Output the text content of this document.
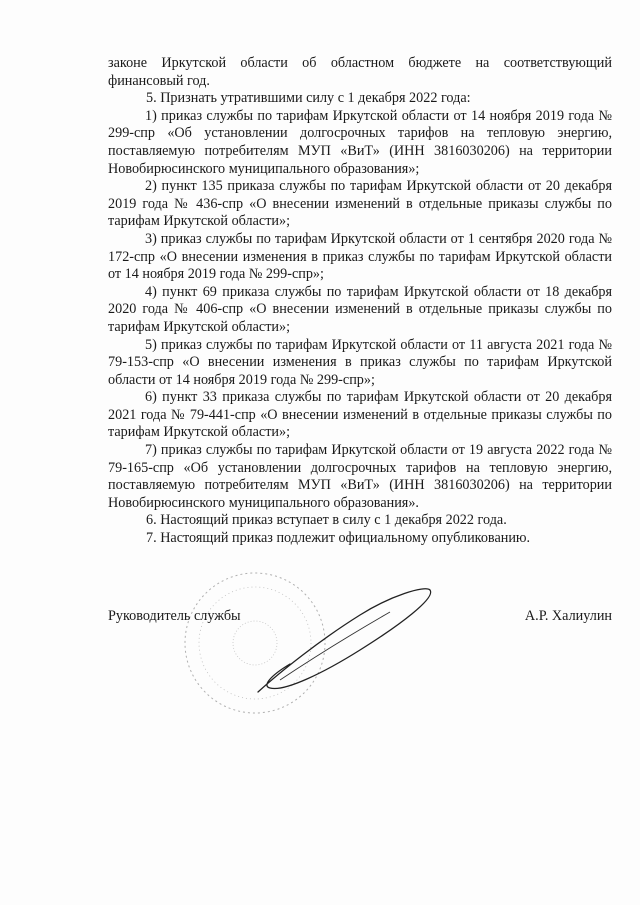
законе Иркутской области об областном бюджете на соответствующий финансовый год.

5. Признать утратившими силу с 1 декабря 2022 года:

1) приказ службы по тарифам Иркутской области от 14 ноября 2019 года № 299-спр «Об установлении долгосрочных тарифов на тепловую энергию, поставляемую потребителям МУП «ВиТ» (ИНН 3816030206) на территории Новобирюсинского муниципального образования»;

2) пункт 135 приказа службы по тарифам Иркутской области от 20 декабря 2019 года № 436-спр «О внесении изменений в отдельные приказы службы по тарифам Иркутской области»;

3) приказ службы по тарифам Иркутской области от 1 сентября 2020 года № 172-спр «О внесении изменения в приказ службы по тарифам Иркутской области от 14 ноября 2019 года № 299-спр»;

4) пункт 69 приказа службы по тарифам Иркутской области от 18 декабря 2020 года № 406-спр «О внесении изменений в отдельные приказы службы по тарифам Иркутской области»;

5) приказ службы по тарифам Иркутской области от 11 августа 2021 года № 79-153-спр «О внесении изменения в приказ службы по тарифам Иркутской области от 14 ноября 2019 года № 299-спр»;

6) пункт 33 приказа службы по тарифам Иркутской области от 20 декабря 2021 года № 79-441-спр «О внесении изменений в отдельные приказы службы по тарифам Иркутской области»;

7) приказ службы по тарифам Иркутской области от 19 августа 2022 года № 79-165-спр «Об установлении долгосрочных тарифов на тепловую энергию, поставляемую потребителям МУП «ВиТ» (ИНН 3816030206) на территории Новобирюсинского муниципального образования».

6. Настоящий приказ вступает в силу с 1 декабря 2022 года.

7. Настоящий приказ подлежит официальному опубликованию.

Руководитель службы	А.Р. Халиулин
